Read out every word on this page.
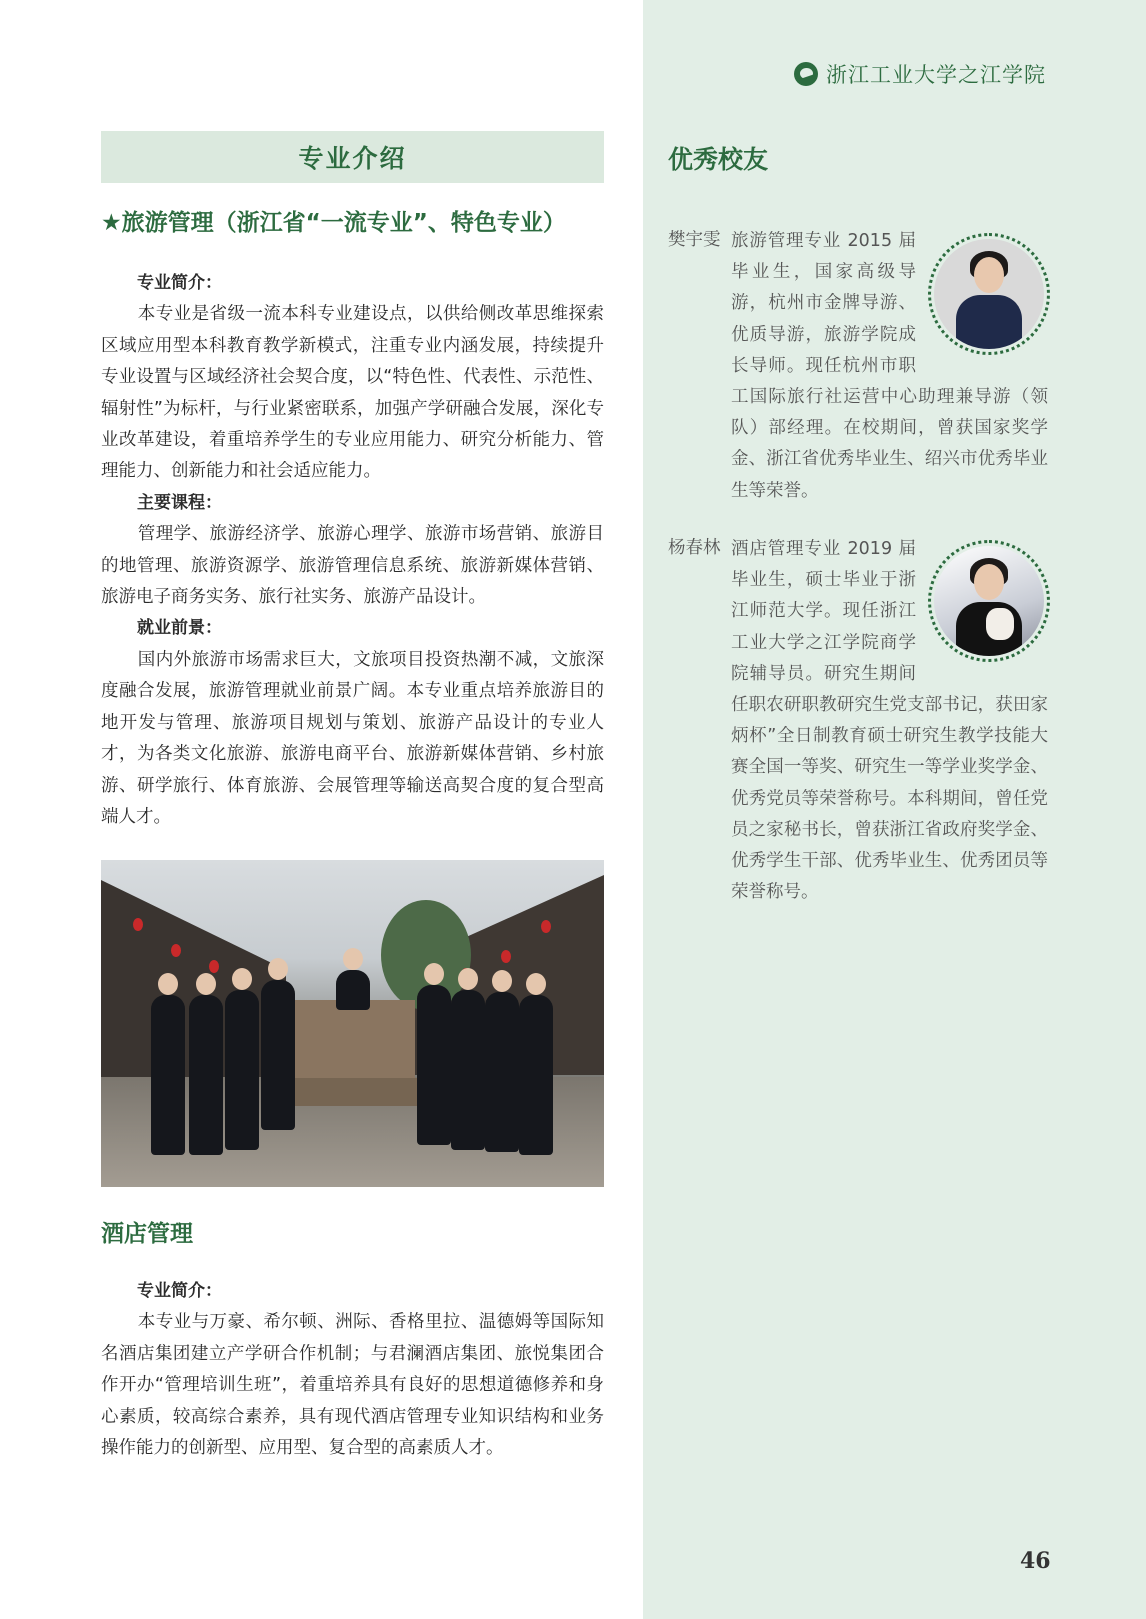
浙江工业大学之江学院
专业介绍
★旅游管理（浙江省“一流专业”、特色专业）
专业简介：

本专业是省级一流本科专业建设点，以供给侧改革思维探索区域应用型本科教育教学新模式，注重专业内涵发展，持续提升专业设置与区域经济社会契合度，以“特色性、代表性、示范性、辐射性”为标杆，与行业紧密联系，加强产学研融合发展，深化专业改革建设，着重培养学生的专业应用能力、研究分析能力、管理能力、创新能力和社会适应能力。

主要课程：

管理学、旅游经济学、旅游心理学、旅游市场营销、旅游目的地管理、旅游资源学、旅游管理信息系统、旅游新媒体营销、旅游电子商务实务、旅行社实务、旅游产品设计。

就业前景：

国内外旅游市场需求巨大，文旅项目投资热潮不减，文旅深度融合发展，旅游管理就业前景广阔。本专业重点培养旅游目的地开发与管理、旅游项目规划与策划、旅游产品设计的专业人才，为各类文化旅游、旅游电商平台、旅游新媒体营销、乡村旅游、研学旅行、体育旅游、会展管理等输送高契合度的复合型高端人才。

酒店管理
专业简介：

本专业与万豪、希尔顿、洲际、香格里拉、温德姆等国际知名酒店集团建立产学研合作机制；与君澜酒店集团、旅悦集团合作开办“管理培训生班”，着重培养具有良好的思想道德修养和身心素质，较高综合素养，具有现代酒店管理专业知识结构和业务操作能力的创新型、应用型、复合型的高素质人才。

优秀校友
樊宇雯 旅游管理专业 2015 届毕业生，国家高级导游，杭州市金牌导游、优质导游，旅游学院成长导师。现任杭州市职工国际旅行社运营中心助理兼导游（领队）部经理。在校期间，曾获国家奖学金、浙江省优秀毕业生、绍兴市优秀毕业生等荣誉。
杨春林 酒店管理专业 2019 届毕业生，硕士毕业于浙江师范大学。现任浙江工业大学之江学院商学院辅导员。研究生期间任职农研职教研究生党支部书记，获田家炳杯”全日制教育硕士研究生教学技能大赛全国一等奖、研究生一等学业奖学金、优秀党员等荣誉称号。本科期间，曾任党员之家秘书长，曾获浙江省政府奖学金、优秀学生干部、优秀毕业生、优秀团员等荣誉称号。
46
